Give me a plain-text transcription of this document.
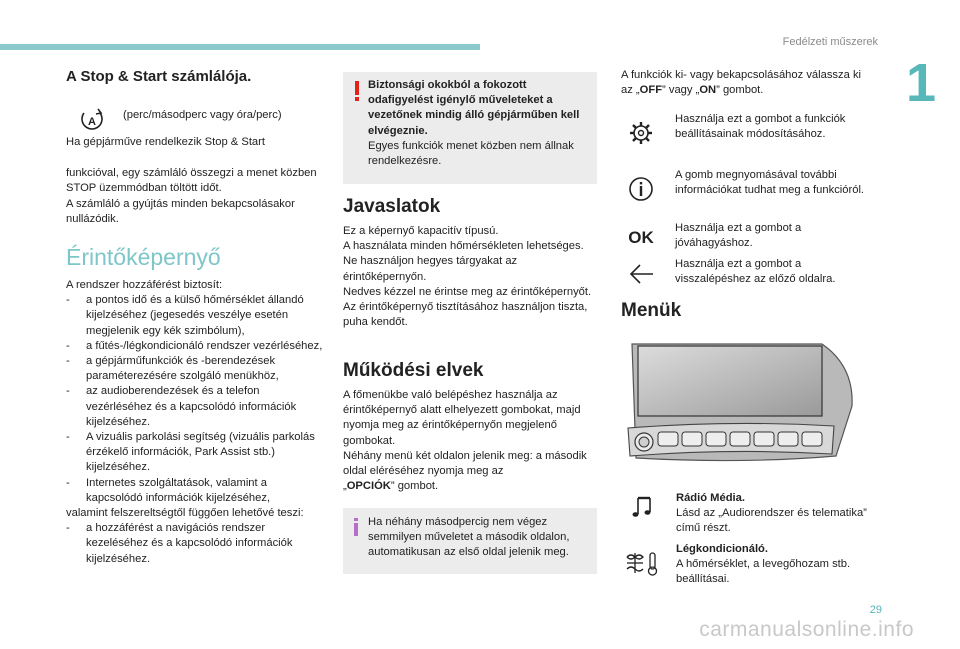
Fedélzeti műszerek
1
29
carmanualsonline.info
A Stop & Start számlálója.
A
(perc/másodperc vagy óra/perc)
Ha gépjárműve rendelkezik Stop & Start
funkcióval, egy számláló összegzi a menet közben STOP üzemmódban töltött időt.
A számláló a gyújtás minden bekapcsolásakor nullázódik.
Érintőképernyő
A rendszer hozzáférést biztosít:
-	a pontos idő és a külső hőmérséklet állandó kijelzéséhez (jegesedés veszélye esetén megjelenik egy kék szimbólum),
-	a fűtés-/légkondicionáló rendszer vezérléséhez,
-	a gépjárműfunkciók és -berendezések paraméterezésére szolgáló menükhöz,
-	az audioberendezések és a telefon vezérléséhez és a kapcsolódó információk kijelzéséhez.
-	A vizuális parkolási segítség (vizuális parkolás érzékelő információk, Park Assist stb.) kijelzéséhez.
-	Internetes szolgáltatások, valamint a kapcsolódó információk kijelzéséhez,
valamint felszereltségtől függően lehetővé teszi:
-	a hozzáférést a navigációs rendszer kezeléséhez és a kapcsolódó információk kijelzéséhez.
Biztonsági okokból a fokozott odafigyelést igénylő műveleteket a vezetőnek mindig álló gépjárműben kell elvégeznie.
Egyes funkciók menet közben nem állnak rendelkezésre.
Javaslatok
Ez a képernyő kapacitív típusú.
A használata minden hőmérsékleten lehetséges.
Ne használjon hegyes tárgyakat az érintőképernyőn.
Nedves kézzel ne érintse meg az érintőképernyőt.
Az érintőképernyő tisztításához használjon tiszta, puha kendőt.
Működési elvek
A főmenükbe való belépéshez használja az érintőképernyő alatt elhelyezett gombokat, majd nyomja meg az érintőképernyőn megjelenő gombokat.
Néhány menü két oldalon jelenik meg: a második oldal eléréséhez nyomja meg az
„OPCIÓK” gombot.
Ha néhány másodpercig nem végez semmilyen műveletet a második oldalon, automatikusan az első oldal jelenik meg.
A funkciók ki- vagy bekapcsolásához válassza ki az „OFF” vagy „ON” gombot.
Használja ezt a gombot a funkciók beállításainak módosításához.
A gomb megnyomásával további információkat tudhat meg a funkcióról.
OK
Használja ezt a gombot a jóváhagyáshoz.
Használja ezt a gombot a visszalépéshez az előző oldalra.
Menük
Rádió Média.
Lásd az „Audiorendszer és telematika” című részt.
Légkondicionáló.
A hőmérséklet, a levegőhozam stb. beállításai.
